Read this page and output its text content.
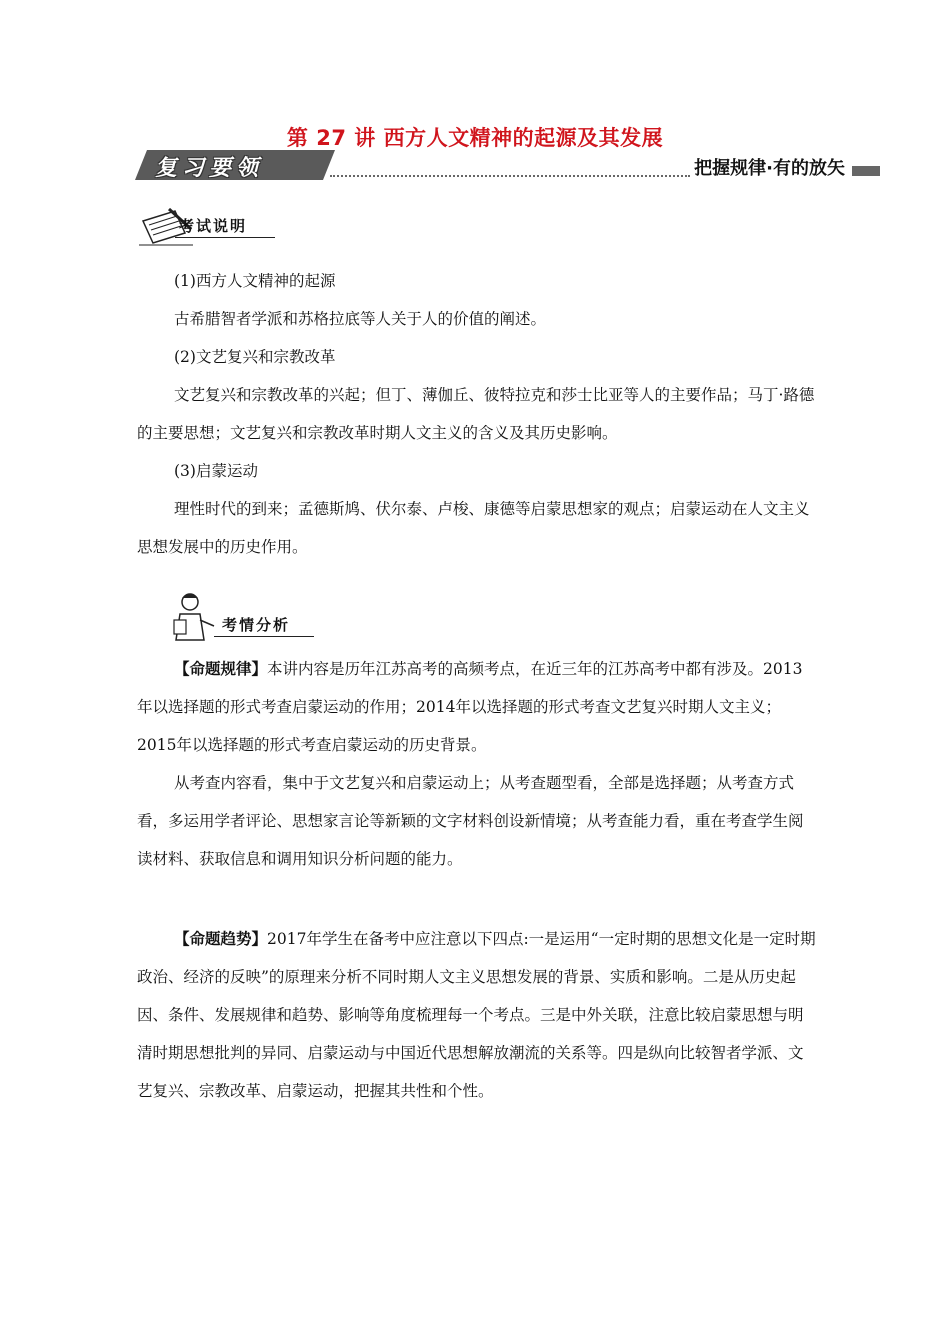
第 27 讲 西方人文精神的起源及其发展
复习要领	把握规律·有的放矢
考试说明

(1)西方人文精神的起源

古希腊智者学派和苏格拉底等人关于人的价值的阐述。

(2)文艺复兴和宗教改革

文艺复兴和宗教改革的兴起；但丁、薄伽丘、彼特拉克和莎士比亚等人的主要作品；马丁·路德的主要思想；文艺复兴和宗教改革时期人文主义的含义及其历史影响。

(3)启蒙运动

理性时代的到来；孟德斯鸠、伏尔泰、卢梭、康德等启蒙思想家的观点；启蒙运动在人文主义思想发展中的历史作用。

考情分析

【命题规律】本讲内容是历年江苏高考的高频考点，在近三年的江苏高考中都有涉及。2013年以选择题的形式考查启蒙运动的作用；2014年以选择题的形式考查文艺复兴时期人文主义；2015年以选择题的形式考查启蒙运动的历史背景。

从考查内容看，集中于文艺复兴和启蒙运动上；从考查题型看，全部是选择题；从考查方式看，多运用学者评论、思想家言论等新颖的文字材料创设新情境；从考查能力看，重在考查学生阅读材料、获取信息和调用知识分析问题的能力。

【命题趋势】2017年学生在备考中应注意以下四点:一是运用“一定时期的思想文化是一定时期政治、经济的反映”的原理来分析不同时期人文主义思想发展的背景、实质和影响。二是从历史起因、条件、发展规律和趋势、影响等角度梳理每一个考点。三是中外关联，注意比较启蒙思想与明清时期思想批判的异同、启蒙运动与中国近代思想解放潮流的关系等。四是纵向比较智者学派、文艺复兴、宗教改革、启蒙运动，把握其共性和个性。
